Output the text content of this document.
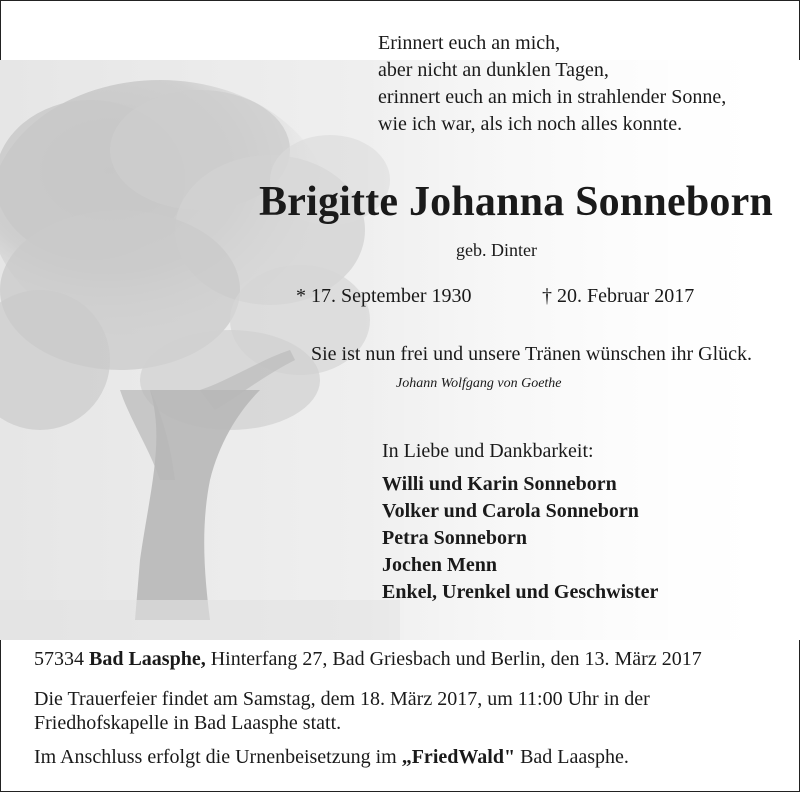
Erinnert euch an mich,
aber nicht an dunklen Tagen,
erinnert euch an mich in strahlender Sonne,
wie ich war, als ich noch alles konnte.
Brigitte Johanna Sonneborn
geb. Dinter
* 17. September 1930	† 20. Februar 2017
Sie ist nun frei und unsere Tränen wünschen ihr Glück.
Johann Wolfgang von Goethe
In Liebe und Dankbarkeit:
Willi und Karin Sonneborn
Volker und Carola Sonneborn
Petra Sonneborn
Jochen Menn
Enkel, Urenkel und Geschwister
57334 Bad Laasphe, Hinterfang 27, Bad Griesbach und Berlin, den 13. März 2017
Die Trauerfeier findet am Samstag, dem 18. März 2017, um 11:00 Uhr in der
Friedhofskapelle in Bad Laasphe statt.
Im Anschluss erfolgt die Urnenbeisetzung im „FriedWald" Bad Laasphe.
